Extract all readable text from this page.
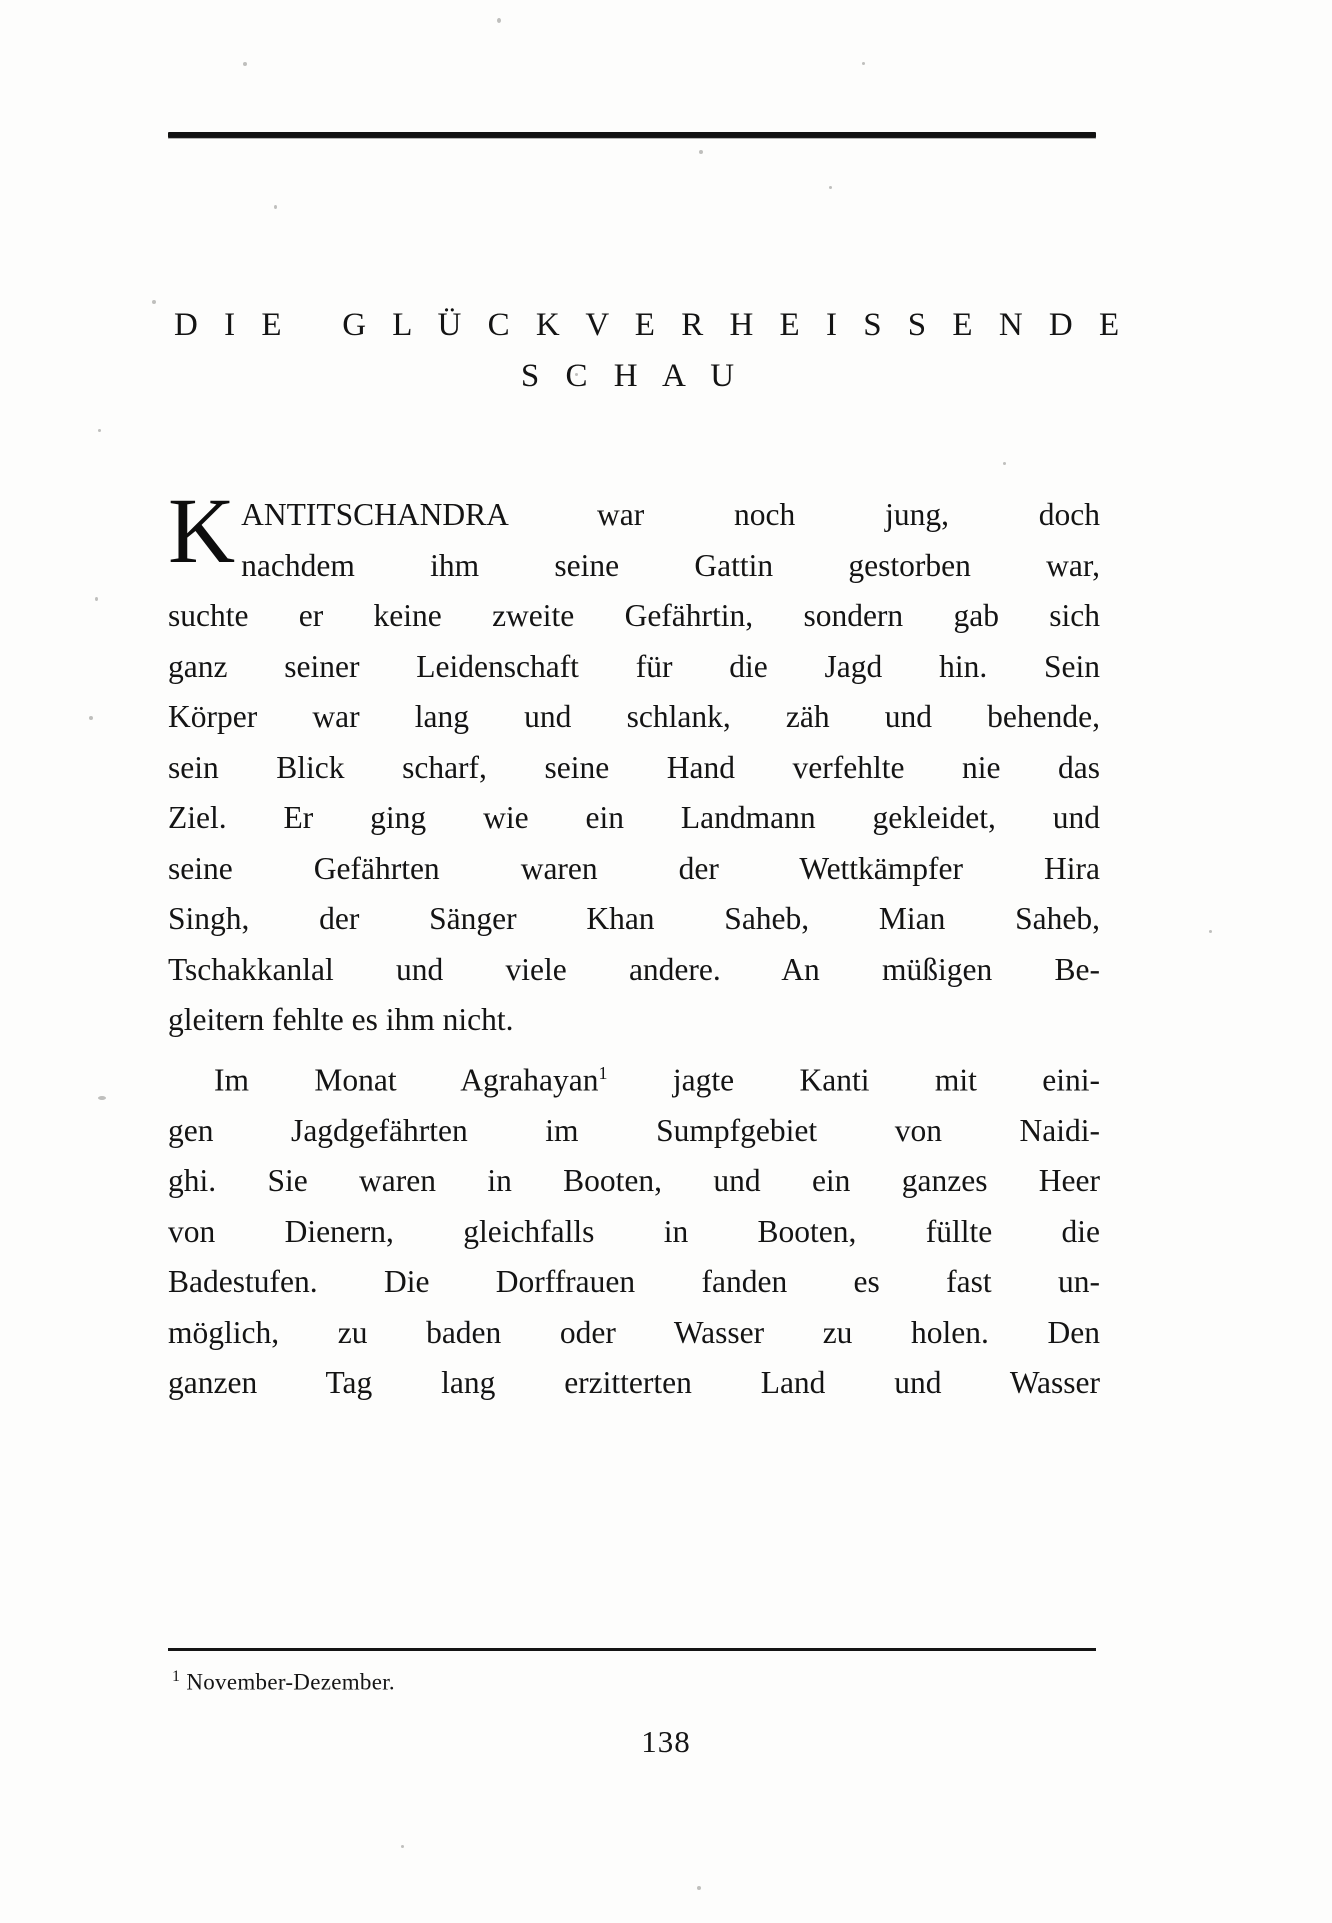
D I E   G L Ü C K V E R H E I S S E N D E
S C H A U

K ANTITSCHANDRA war noch jung, doch
nachdem ihm seine Gattin gestorben war,
suchte er keine zweite Gefährtin, sondern gab sich
ganz seiner Leidenschaft für die Jagd hin. Sein
Körper war lang und schlank, zäh und behende,
sein Blick scharf, seine Hand verfehlte nie das
Ziel. Er ging wie ein Landmann gekleidet, und
seine Gefährten waren der Wettkämpfer Hira
Singh, der Sänger Khan Saheb, Mian Saheb,
Tschakkanlal und viele andere. An müßigen Be-
gleitern fehlte es ihm nicht.

Im Monat Agrahayan$^1$ jagte Kanti mit eini-
gen Jagdgefährten im Sumpfgebiet von Naidi-
ghi. Sie waren in Booten, und ein ganzes Heer
von Dienern, gleichfalls in Booten, füllte die
Badestufen. Die Dorffrauen fanden es fast un-
möglich, zu baden oder Wasser zu holen. Den
ganzen Tag lang erzitterten Land und Wasser

$^1$ November-Dezember.
138
